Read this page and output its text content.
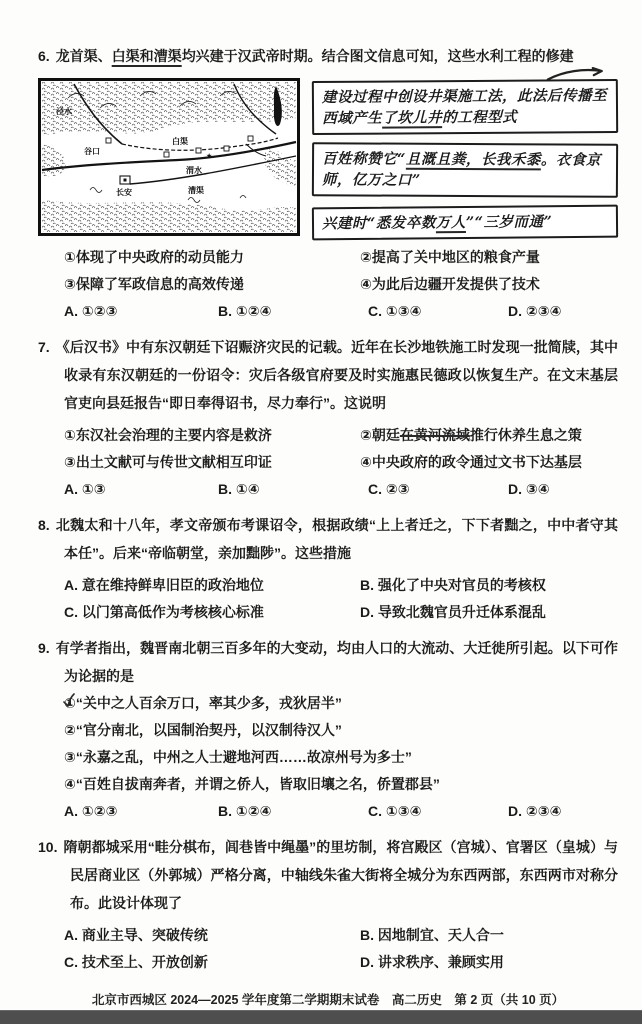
6. 龙首渠、白渠和漕渠均兴建于汉武帝时期。结合图文信息可知，这些水利工程的修建

泾水
谷口
白渠
渭水
长安	漕渠
★
建设过程中创设井渠施工法，此法后传播至西域产生了坎儿井的工程型式
百姓称赞它“且溉且粪，长我禾黍。衣食京师，亿万之口”
兴建时“悉发卒数万人”“三岁而通”
①体现了中央政府的动员能力	②提高了关中地区的粮食产量
③保障了军政信息的高效传递	④为此后边疆开发提供了技术
A. ①②③	B. ①②④	C. ①③④	D. ②③④

7. 《后汉书》中有东汉朝廷下诏赈济灾民的记载。近年在长沙地铁施工时发现一批简牍，其中收录有东汉朝廷的一份诏令：灾后各级官府要及时实施惠民德政以恢复生产。在文末基层官吏向县廷报告“即日奉得诏书，尽力奉行”。这说明

①东汉社会治理的主要内容是救济	②朝廷在黄河流域推行休养生息之策
③出土文献可与传世文献相互印证	④中央政府的政令通过文书下达基层
A. ①③	B. ①④	C. ②③	D. ③④

8. 北魏太和十八年，孝文帝颁布考课诏令，根据政绩“上上者迁之，下下者黜之，中中者守其本任”。后来“帝临朝堂，亲加黜陟”。这些措施

A. 意在维持鲜卑旧臣的政治地位	B. 强化了中央对官员的考核权
C. 以门第高低作为考核核心标准	D. 导致北魏官员升迁体系混乱

9. 有学者指出，魏晋南北朝三百多年的大变动，均由人口的大流动、大迁徙所引起。以下可作为论据的是

①“关中之人百余万口，率其少多，戎狄居半”
②“官分南北，以国制治契丹，以汉制待汉人”
③“永嘉之乱，中州之人士避地河西……故凉州号为多士”
④“百姓自拔南奔者，并谓之侨人，皆取旧壤之名，侨置郡县”
A. ①②③	B. ①②④	C. ①③④	D. ②③④

10. 隋朝都城采用“畦分棋布，闾巷皆中绳墨”的里坊制，将宫殿区（宫城）、官署区（皇城）与民居商业区（外郭城）严格分离，中轴线朱雀大街将全城分为东西两部，东西两市对称分布。此设计体现了

A. 商业主导、突破传统	B. 因地制宜、天人合一
C. 技术至上、开放创新	D. 讲求秩序、兼顾实用
北京市西城区 2024—2025 学年度第二学期期末试卷　高二历史　第 2 页（共 10 页）
